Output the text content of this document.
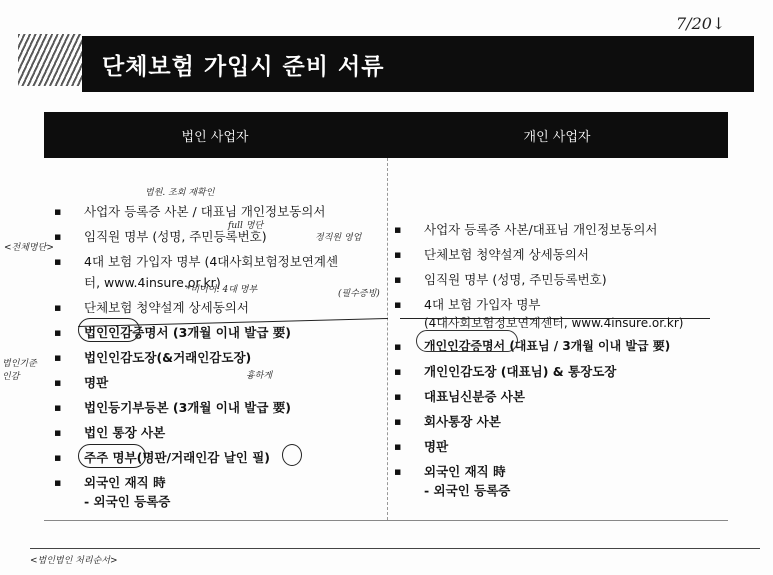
7/20↓
단체보험 가입시 준비 서류
법인 사업자	개인 사업자
▪ 사업자 등록증 사본 / 대표님 개인정보동의서
▪ 임직원 명부 (성명, 주민등록번호)
▪ 4대 보험 가입자 명부 (4대사회보험정보연계센
터, www.4insure.or.kr)
▪ 단체보험 청약설계 상세동의서
▪ 법인인감증명서 (3개월 이내 발급 要)
▪ 법인인감도장(&거래인감도장)
▪ 명판
▪ 법인등기부등본 (3개월 이내 발급 要)
▪ 법인 통장 사본
▪ 주주 명부(명판/거래인감 날인 필)
▪ 외국인 재직 時
- 외국인 등록증
▪ 사업자 등록증 사본/대표님 개인정보동의서
▪ 단체보험 청약설계 상세동의서
▪ 임직원 명부 (성명, 주민등록번호)
▪ 4대 보험 가입자 명부
(4대사회보험정보연계센터, www.4insure.or.kr)
▪ 개인인감증명서 (대표님 / 3개월 이내 발급 要)
▪ 개인인감도장 (대표님) & 통장도장
▪ 대표님신분증 사본
▪ 회사통장 사본
▪ 명판
▪ 외국인 재직 時
- 외국인 등록증
법원. 조회 재확인
full 명단
<전체명단>
정직원 영업
*비어여: 4대 명부	(필수증빙)
흉하게
법인기준 인감
<법인법인 처리순서>
